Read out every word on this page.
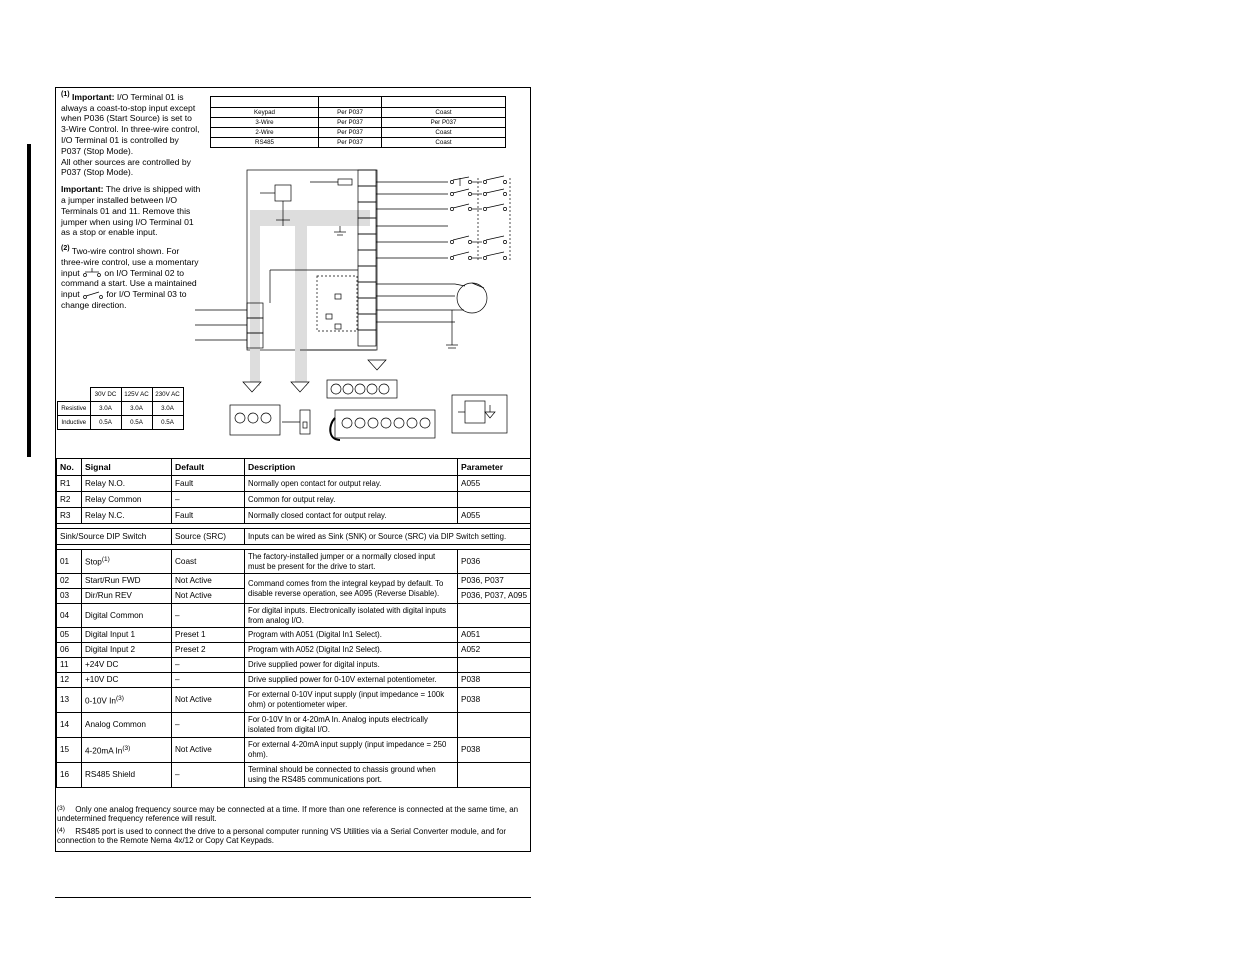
$^{(1)}$ Important: I/O Terminal 01 is always a coast-to-stop input except when P036 (Start Source) is set to 3-Wire Control. In three-wire control, I/O Terminal 01 is controlled by P037 (Stop Mode).
All other sources are controlled by P037 (Stop Mode).

Important: The drive is shipped with a jumper installed between I/O Terminals 01 and 11. Remove this jumper when using I/O Terminal 01 as a stop or enable input.

$^{(2)}$ Two-wire control shown. For three-wire control, use a momentary input	on I/O Terminal 02 to command a start. Use a maintained input	for I/O Terminal 03 to change direction.

Keypad	Per P037	Coast
3-Wire	Per P037	Per P037
2-Wire	Per P037	Coast
RS485	Per P037	Coast
	30V DC	125V AC	230V AC
Resistive	3.0A	3.0A	3.0A
Inductive	0.5A	0.5A	0.5A
No.	Signal	Default	Description	Parameter
R1	Relay N.O.	Fault	Normally open contact for output relay.	A055
R2	Relay Common	–	Common for output relay.	
R3	Relay N.C.	Fault	Normally closed contact for output relay.	A055

Sink/Source DIP Switch		Source (SRC)	Inputs can be wired as Sink (SNK) or Source (SRC) via DIP Switch setting.	

01	Stop$^{(1)}$	Coast	The factory-installed jumper or a normally closed input must be present for the drive to start.	P036
02	Start/Run FWD	Not Active	Command comes from the integral keypad by default. To disable reverse operation, see A095 (Reverse Disable).	P036, P037
03	Dir/Run REV	Not Active		P036, P037, A095
04	Digital Common	–	For digital inputs. Electronically isolated with digital inputs from analog I/O.	
05	Digital Input 1	Preset 1	Program with A051 (Digital In1 Select).	A051
06	Digital Input 2	Preset 2	Program with A052 (Digital In2 Select).	A052
11	+24V DC	–	Drive supplied power for digital inputs.	
12	+10V DC	–	Drive supplied power for 0-10V external potentiometer.	P038
13	0-10V In$^{(3)}$	Not Active	For external 0-10V input supply (input impedance = 100k ohm) or potentiometer wiper.	P038
14	Analog Common	–	For 0-10V In or 4-20mA In. Analog inputs electrically isolated from digital I/O.	
15	4-20mA In$^{(3)}$	Not Active	For external 4-20mA input supply (input impedance = 250 ohm).	P038
16	RS485 Shield	–	Terminal should be connected to chassis ground when using the RS485 communications port.	
$^{(3)}$ Only one analog frequency source may be connected at a time. If more than one reference is connected at the same time, an undetermined frequency reference will result.
$^{(4)}$ RS485 port is used to connect the drive to a personal computer running VS Utilities via a Serial Converter module, and for connection to the Remote Nema 4x/12 or Copy Cat Keypads.
